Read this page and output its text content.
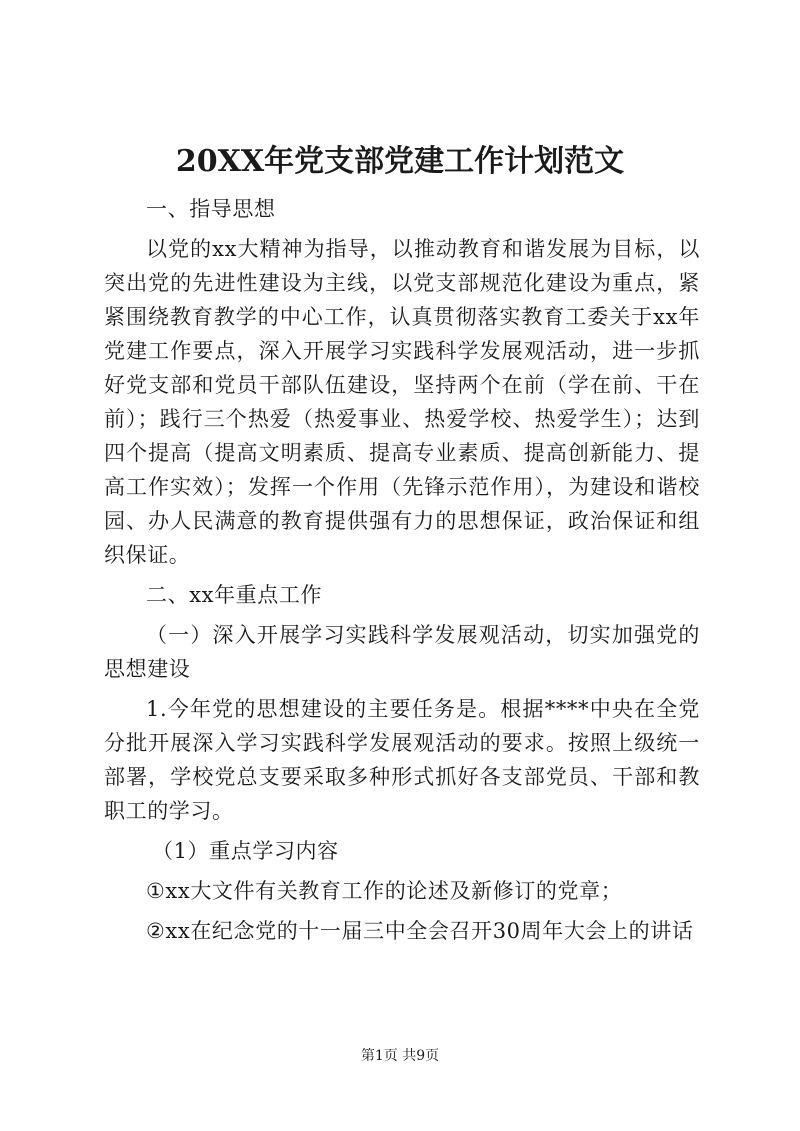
20XX年党支部党建工作计划范文

一、指导思想

以党的xx大精神为指导，以推动教育和谐发展为目标，以突出党的先进性建设为主线，以党支部规范化建设为重点，紧紧围绕教育教学的中心工作，认真贯彻落实教育工委关于xx年党建工作要点，深入开展学习实践科学发展观活动，进一步抓好党支部和党员干部队伍建设，坚持两个在前（学在前、干在前）；践行三个热爱（热爱事业、热爱学校、热爱学生）；达到四个提高（提高文明素质、提高专业素质、提高创新能力、提高工作实效）；发挥一个作用（先锋示范作用），为建设和谐校园、办人民满意的教育提供强有力的思想保证，政治保证和组织保证。

二、xx年重点工作

（一）深入开展学习实践科学发展观活动，切实加强党的思想建设

1.今年党的思想建设的主要任务是。根据****中央在全党分批开展深入学习实践科学发展观活动的要求。按照上级统一部署，学校党总支要采取多种形式抓好各支部党员、干部和教职工的学习。

（1）重点学习内容

①xx大文件有关教育工作的论述及新修订的党章；

②xx在纪念党的十一届三中全会召开30周年大会上的讲话

第1页 共9页
